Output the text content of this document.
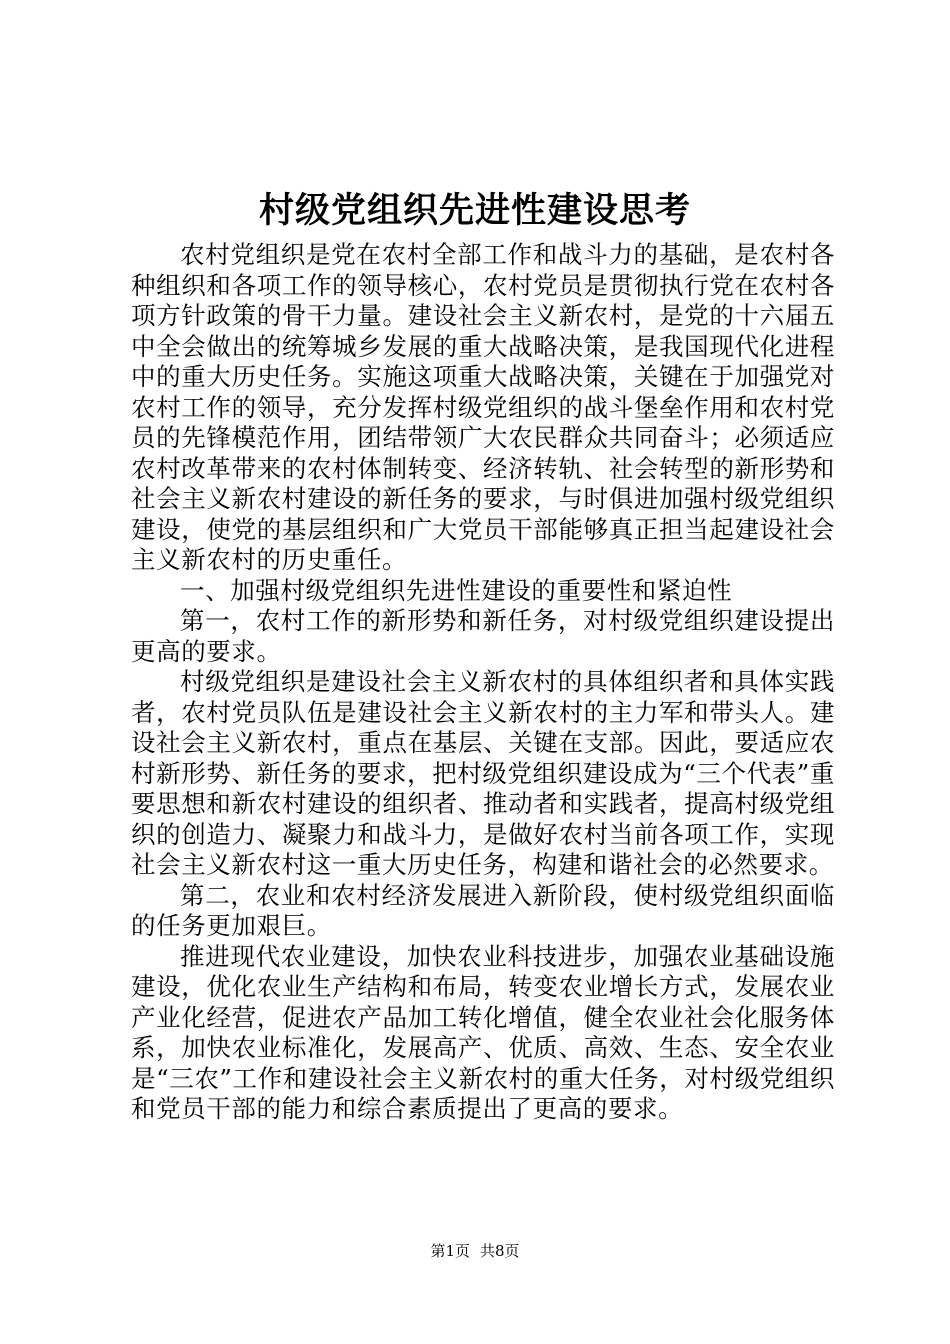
村级党组织先进性建设思考

农村党组织是党在农村全部工作和战斗力的基础，是农村各种组织和各项工作的领导核心，农村党员是贯彻执行党在农村各项方针政策的骨干力量。建设社会主义新农村，是党的十六届五中全会做出的统筹城乡发展的重大战略决策，是我国现代化进程中的重大历史任务。实施这项重大战略决策，关键在于加强党对农村工作的领导，充分发挥村级党组织的战斗堡垒作用和农村党员的先锋模范作用，团结带领广大农民群众共同奋斗；必须适应农村改革带来的农村体制转变、经济转轨、社会转型的新形势和社会主义新农村建设的新任务的要求，与时俱进加强村级党组织建设，使党的基层组织和广大党员干部能够真正担当起建设社会主义新农村的历史重任。

一、加强村级党组织先进性建设的重要性和紧迫性

第一，农村工作的新形势和新任务，对村级党组织建设提出更高的要求。

村级党组织是建设社会主义新农村的具体组织者和具体实践者，农村党员队伍是建设社会主义新农村的主力军和带头人。建设社会主义新农村，重点在基层、关键在支部。因此，要适应农村新形势、新任务的要求，把村级党组织建设成为“三个代表”重要思想和新农村建设的组织者、推动者和实践者，提高村级党组织的创造力、凝聚力和战斗力，是做好农村当前各项工作，实现社会主义新农村这一重大历史任务，构建和谐社会的必然要求。

第二，农业和农村经济发展进入新阶段，使村级党组织面临的任务更加艰巨。

推进现代农业建设，加快农业科技进步，加强农业基础设施建设，优化农业生产结构和布局，转变农业增长方式，发展农业产业化经营，促进农产品加工转化增值，健全农业社会化服务体系，加快农业标准化，发展高产、优质、高效、生态、安全农业是“三农”工作和建设社会主义新农村的重大任务，对村级党组织和党员干部的能力和综合素质提出了更高的要求。

第1页 共8页
